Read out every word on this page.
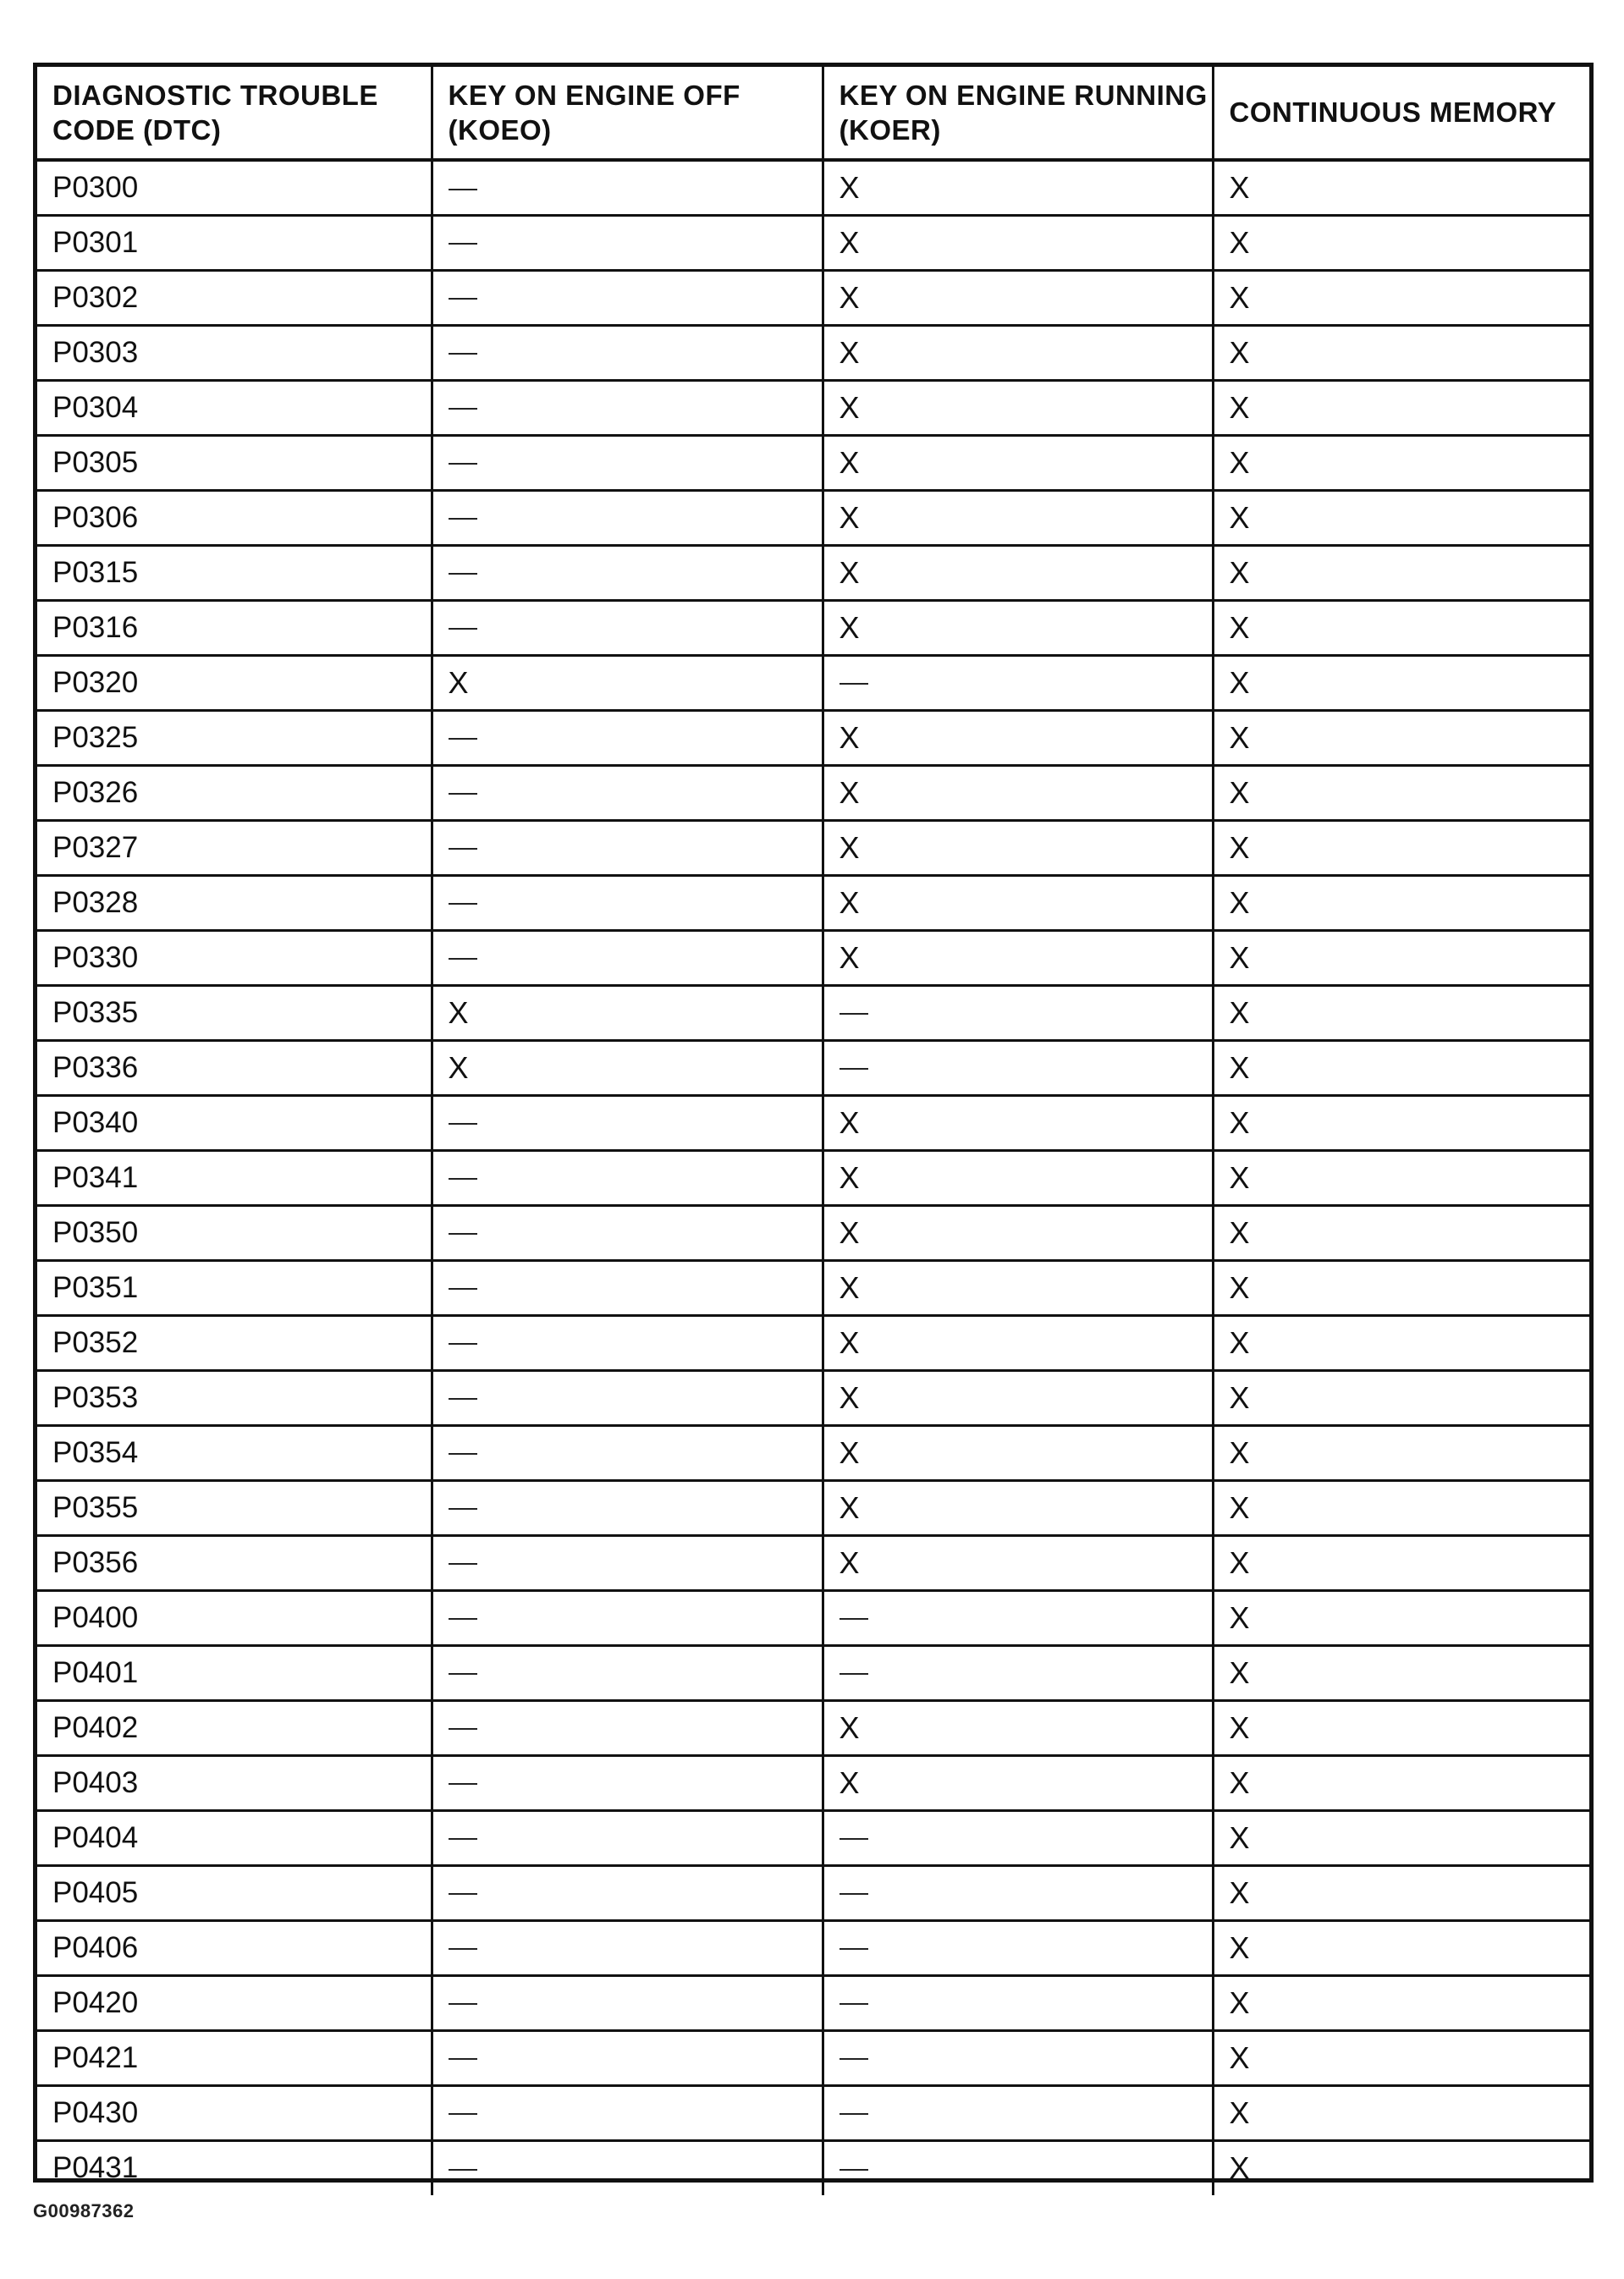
DIAGNOSTIC TROUBLE CODE (DTC)	KEY ON ENGINE OFF (KOEO)	KEY ON ENGINE RUNNING (KOER)	CONTINUOUS MEMORY
P0300		X	X
P0301		X	X
P0302		X	X
P0303		X	X
P0304		X	X
P0305		X	X
P0306		X	X
P0315		X	X
P0316		X	X
P0320	X		X
P0325		X	X
P0326		X	X
P0327		X	X
P0328		X	X
P0330		X	X
P0335	X		X
P0336	X		X
P0340		X	X
P0341		X	X
P0350		X	X
P0351		X	X
P0352		X	X
P0353		X	X
P0354		X	X
P0355		X	X
P0356		X	X
P0400			X
P0401			X
P0402		X	X
P0403		X	X
P0404			X
P0405			X
P0406			X
P0420			X
P0421			X
P0430			X
P0431			X
G00987362
